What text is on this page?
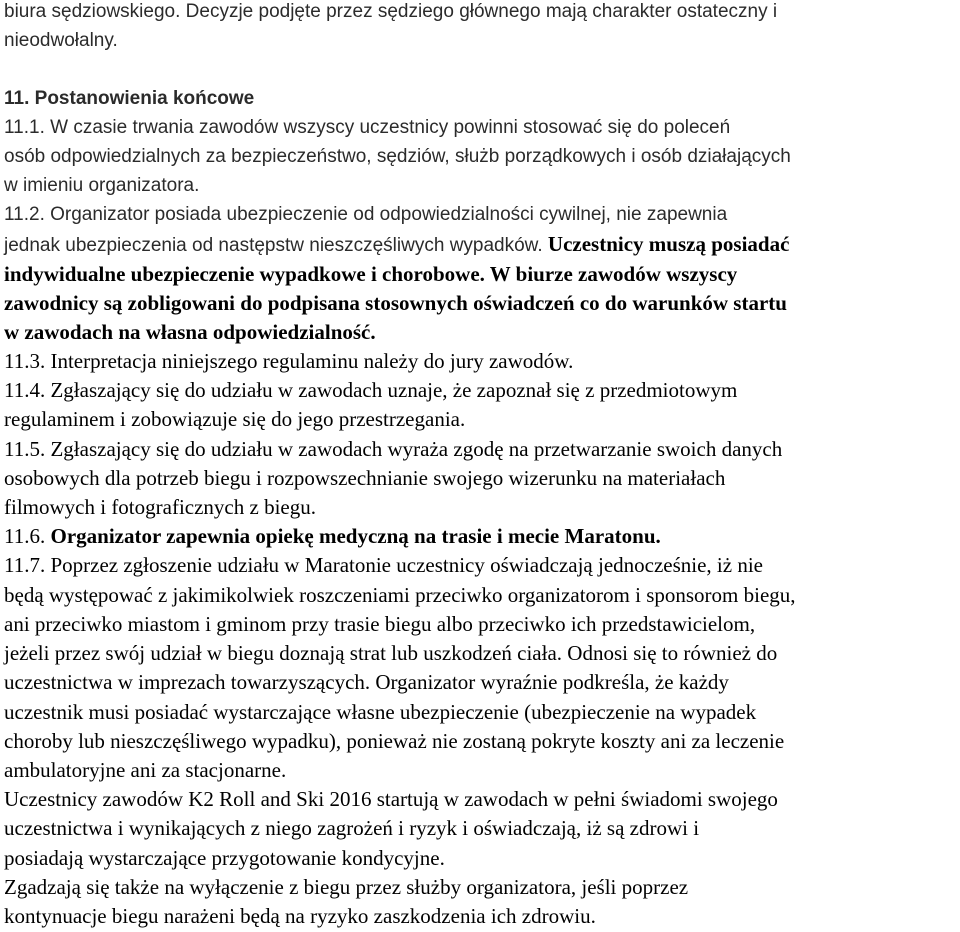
biura sędziowskiego. Decyzje podjęte przez sędziego głównego mają charakter ostateczny i
nieodwołalny.
11. Postanowienia końcowe
11.1. W czasie trwania zawodów wszyscy uczestnicy powinni stosować się do poleceń
osób odpowiedzialnych za bezpieczeństwo, sędziów, służb porządkowych i osób działających
w imieniu organizatora.
11.2. Organizator posiada ubezpieczenie od odpowiedzialności cywilnej, nie zapewnia
jednak ubezpieczenia od następstw nieszczęśliwych wypadków. Uczestnicy muszą posiadać
indywidualne ubezpieczenie wypadkowe i chorobowe. W biurze zawodów wszyscy
zawodnicy są zobligowani do podpisana stosownych oświadczeń co do warunków startu
w zawodach na własna odpowiedzialność.
11.3. Interpretacja niniejszego regulaminu należy do jury zawodów.
11.4. Zgłaszający się do udziału w zawodach uznaje, że zapoznał się z przedmiotowym
regulaminem i zobowiązuje się do jego przestrzegania.
11.5. Zgłaszający się do udziału w zawodach wyraża zgodę na przetwarzanie swoich danych
osobowych dla potrzeb biegu i rozpowszechnianie swojego wizerunku na materiałach
filmowych i fotograficznych z biegu.
11.6. Organizator zapewnia opiekę medyczną na trasie i mecie Maratonu.
11.7. Poprzez zgłoszenie udziału w Maratonie uczestnicy oświadczają jednocześnie, iż nie
będą występować z jakimikolwiek roszczeniami przeciwko organizatorom i sponsorom biegu,
ani przeciwko miastom i gminom przy trasie biegu albo przeciwko ich przedstawicielom,
jeżeli przez swój udział w biegu doznają strat lub uszkodzeń ciała. Odnosi się to również do
uczestnictwa w imprezach towarzyszących. Organizator wyraźnie podkreśla, że każdy
uczestnik musi posiadać wystarczające własne ubezpieczenie (ubezpieczenie na wypadek
choroby lub nieszczęśliwego wypadku), ponieważ nie zostaną pokryte koszty ani za leczenie
ambulatoryjne ani za stacjonarne.
Uczestnicy zawodów K2 Roll and Ski 2016 startują w zawodach w pełni świadomi swojego
uczestnictwa i wynikających z niego zagrożeń i ryzyk i oświadczają, iż są zdrowi i
posiadają wystarczające przygotowanie kondycyjne.
Zgadzają się także na wyłączenie z biegu przez służby organizatora, jeśli poprzez
kontynuacje biegu narażeni będą na ryzyko zaszkodzenia ich zdrowiu.
